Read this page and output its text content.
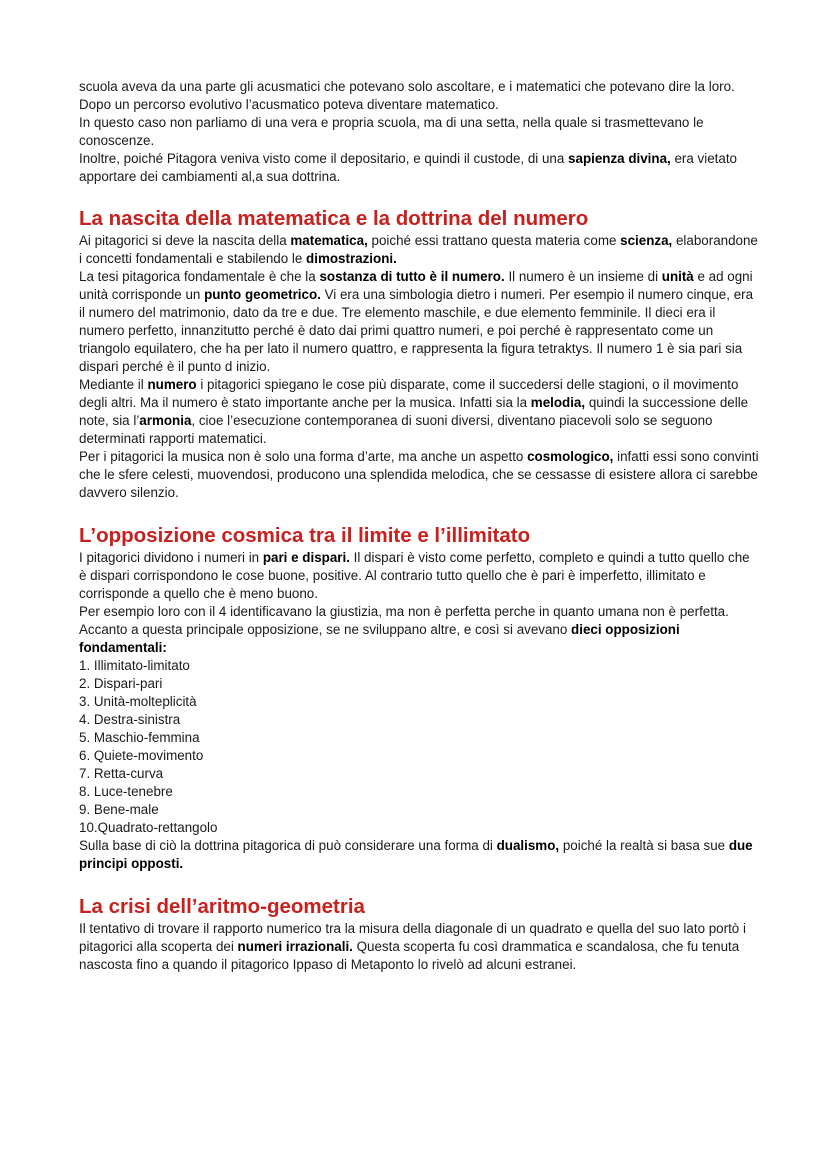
scuola aveva da una parte gli acusmatici che potevano solo ascoltare, e i matematici che potevano dire la loro. Dopo un percorso evolutivo l’acusmatico poteva diventare matematico.

In questo caso non parliamo di una vera e propria scuola, ma di una setta, nella quale si trasmettevano le conoscenze.

Inoltre, poiché Pitagora veniva visto come il depositario, e quindi il custode, di una sapienza divina, era vietato apportare dei cambiamenti al,a sua dottrina.

La nascita della matematica e la dottrina del numero

Ai pitagorici si deve la nascita della matematica, poiché essi trattano questa materia come scienza, elaborandone i concetti fondamentali e stabilendo le dimostrazioni.

La tesi pitagorica fondamentale è che la sostanza di tutto è il numero. Il numero è un insieme di unità e ad ogni unità corrisponde un punto geometrico. Vi era una simbologia dietro i numeri. Per esempio il numero cinque, era il numero del matrimonio, dato da tre e due. Tre elemento maschile, e due elemento femminile. Il dieci era il numero perfetto, innanzitutto perché è dato dai primi quattro numeri, e poi perché è rappresentato come un triangolo equilatero, che ha per lato il numero quattro, e rappresenta la figura tetraktys. Il numero 1 è sia pari sia dispari perché è il punto d inizio.

Mediante il numero i pitagorici spiegano le cose più disparate, come il succedersi delle stagioni, o il movimento degli altri. Ma il numero è stato importante anche per la musica. Infatti sia la melodia, quindi la successione delle note, sia l’armonia, cioe l’esecuzione contemporanea di suoni diversi, diventano piacevoli solo se seguono determinati rapporti matematici.

Per i pitagorici la musica non è solo una forma d’arte, ma anche un aspetto cosmologico, infatti essi sono convinti che le sfere celesti, muovendosi, producono una splendida melodica, che se cessasse di esistere allora ci sarebbe davvero silenzio.

L’opposizione cosmica tra il limite e l’illimitato

I pitagorici dividono i numeri in pari e dispari. Il dispari è visto come perfetto, completo e quindi a tutto quello che è dispari corrispondono le cose buone, positive. Al contrario tutto quello che è pari è imperfetto, illimitato e corrisponde a quello che è meno buono.

Per esempio loro con il 4 identificavano la giustizia, ma non è perfetta perche in quanto umana non è perfetta.

Accanto a questa principale opposizione, se ne sviluppano altre, e così si avevano dieci opposizioni fondamentali:

1. Illimitato-limitato
2. Dispari-pari
3. Unità-molteplicità
4. Destra-sinistra
5. Maschio-femmina
6. Quiete-movimento
7. Retta-curva
8. Luce-tenebre
9. Bene-male
10.Quadrato-rettangolo

Sulla base di ciò la dottrina pitagorica di può considerare una forma di dualismo, poiché la realtà si basa sue due principi opposti.

La crisi dell’aritmo-geometria

Il tentativo di trovare il rapporto numerico tra la misura della diagonale di un quadrato e quella del suo lato portò i pitagorici alla scoperta dei numeri irrazionali. Questa scoperta fu così drammatica e scandalosa, che fu tenuta nascosta fino a quando il pitagorico Ippaso di Metaponto lo rivelò ad alcuni estranei.
